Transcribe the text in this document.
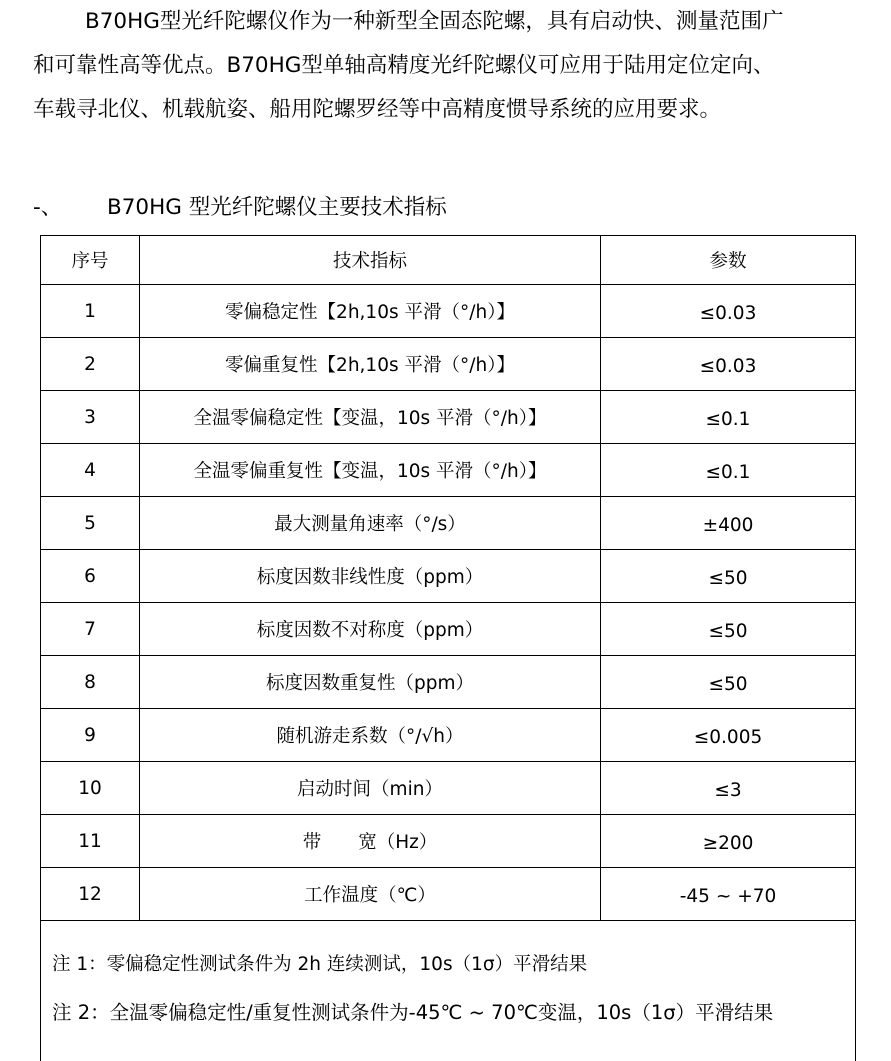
B70HG型光纤陀螺仪作为一种新型全固态陀螺，具有启动快、测量范围广
和可靠性高等优点。B70HG型单轴高精度光纤陀螺仪可应用于陆用定位定向、
车载寻北仪、机载航姿、船用陀螺罗经等中高精度惯导系统的应用要求。
-、 B70HG 型光纤陀螺仪主要技术指标
序号	技术指标	参数
1	零偏稳定性【2h,10s 平滑（°/h）】	≤0.03
2	零偏重复性【2h,10s 平滑（°/h）】	≤0.03
3	全温零偏稳定性【变温，10s 平滑（°/h）】	≤0.1
4	全温零偏重复性【变温，10s 平滑（°/h）】	≤0.1
5	最大测量角速率（°/s）	±400
6	标度因数非线性度（ppm）	≤50
7	标度因数不对称度（ppm）	≤50
8	标度因数重复性（ppm）	≤50
9	随机游走系数（°/√h）	≤0.005
10	启动时间（min）	≤3
11	带　　宽（Hz）	≥200
12	工作温度（℃）	-45 ~ +70

注 1：零偏稳定性测试条件为 2h 连续测试，10s（1σ）平滑结果
注 2：全温零偏稳定性/重复性测试条件为-45℃ ~ 70℃变温，10s（1σ）平滑结果		
